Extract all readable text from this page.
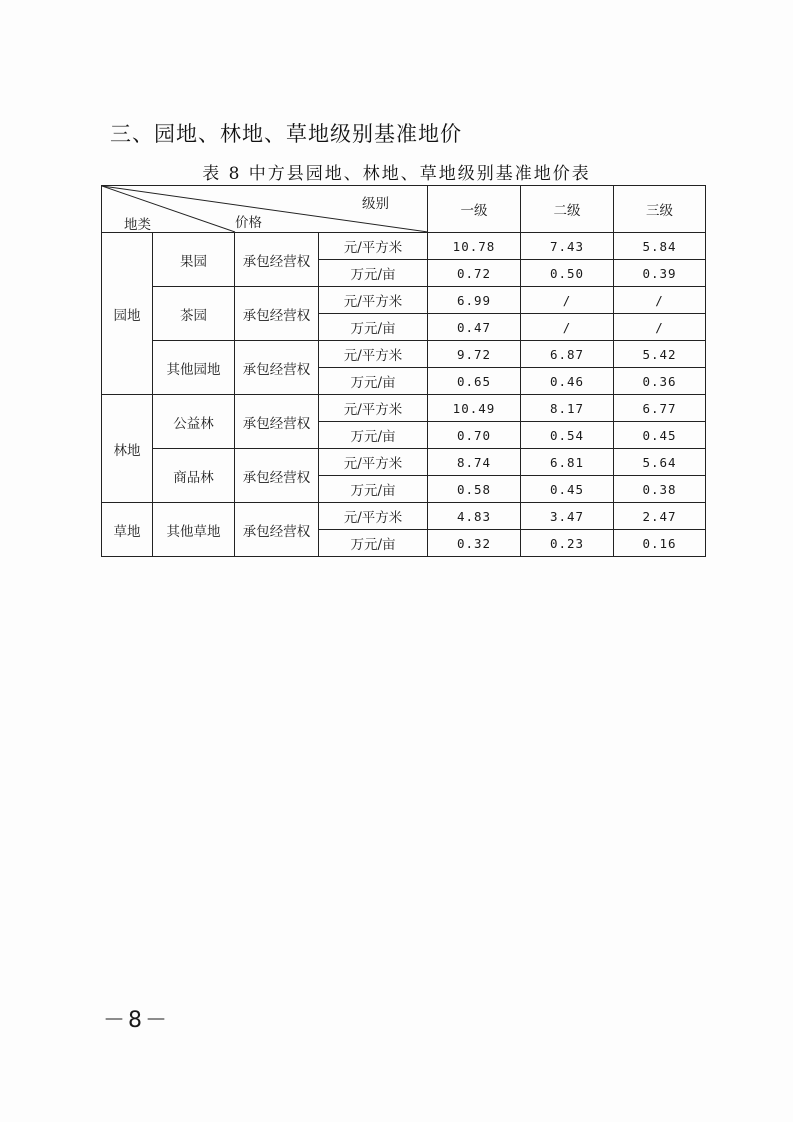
三、园地、林地、草地级别基准地价
表 8 中方县园地、林地、草地级别基准地价表
级别
价格
地类				一级	二级	三级
园地	果园	承包经营权	元/平方米	10.78	7.43	5.84
			万元/亩	0.72	0.50	0.39
	茶园	承包经营权	元/平方米	6.99	/	/
			万元/亩	0.47	/	/
	其他园地	承包经营权	元/平方米	9.72	6.87	5.42
			万元/亩	0.65	0.46	0.36
林地	公益林	承包经营权	元/平方米	10.49	8.17	6.77
			万元/亩	0.70	0.54	0.45
	商品林	承包经营权	元/平方米	8.74	6.81	5.64
			万元/亩	0.58	0.45	0.38
草地	其他草地	承包经营权	元/平方米	4.83	3.47	2.47
			万元/亩	0.32	0.23	0.16
－8－
